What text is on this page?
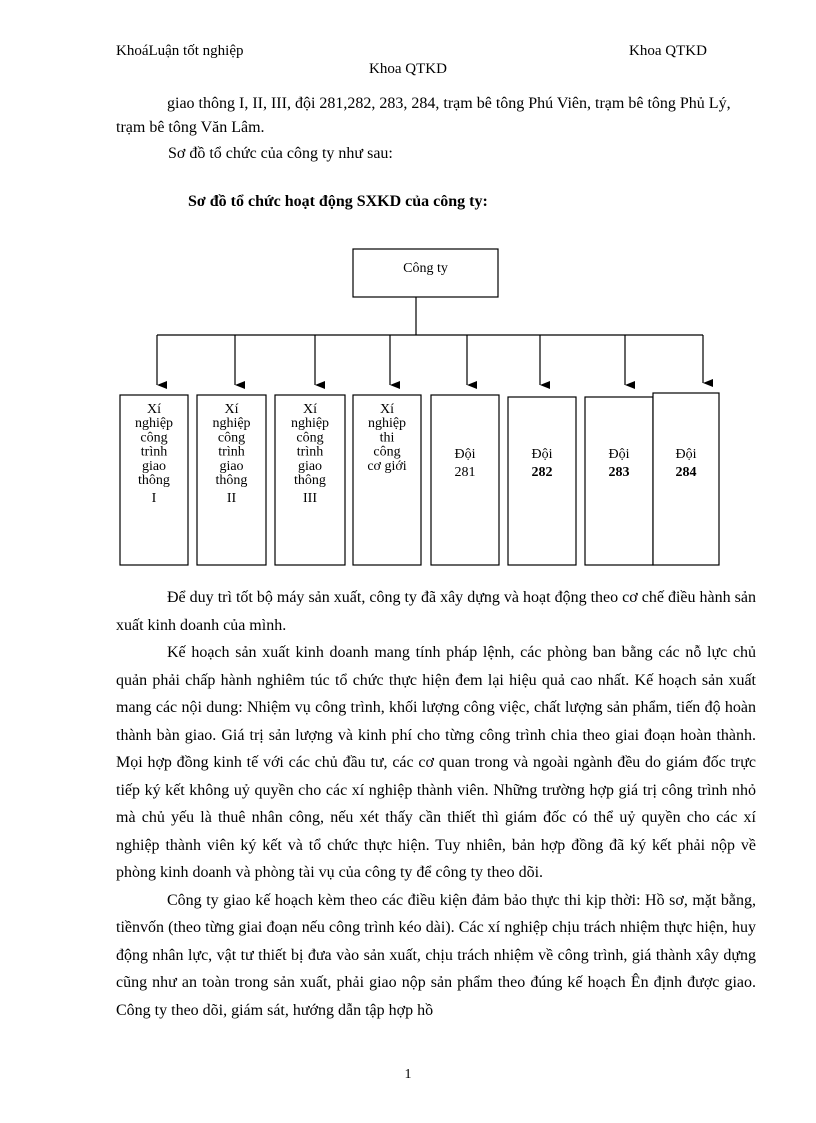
KhoáLuận tốt nghiệp	Khoa QTKD
Khoa QTKD

giao thông I, II, III, đội 281,282, 283, 284, trạm bê tông Phú Viên, trạm bê tông Phủ Lý, trạm bê tông Văn Lâm.

Sơ đồ tổ chức của công ty như sau:
Sơ đồ tổ chức hoạt động SXKD của công ty:
Công ty
Xí
nghiệp
công
trình
giao
thông
I
Xí
nghiệp
công
trình
giao
thông
II
Xí
nghiệp
công
trình
giao
thông
III
Xí
nghiệp
thi
công
cơ giới
Đội
281
Đội
282
Đội
283
Đội
284

Để duy trì tốt bộ máy sản xuất, công ty đã xây dựng và hoạt động theo cơ chế điều hành sản xuất kinh doanh của mình.

Kế hoạch sản xuất kinh doanh mang tính pháp lệnh, các phòng ban bằng các nỗ lực chủ quản phải chấp hành nghiêm túc tổ chức thực hiện đem lại hiệu quả cao nhất. Kế hoạch sản xuất mang các nội dung: Nhiệm vụ công trình, khối lượng công việc, chất lượng sản phẩm, tiến độ hoàn thành bàn giao. Giá trị sản lượng và kinh phí cho từng công trình chia theo giai đoạn hoàn thành. Mọi hợp đồng kinh tế với các chủ đầu tư, các cơ quan trong và ngoài ngành đều do giám đốc trực tiếp ký kết không uỷ quyền cho các xí nghiệp thành viên. Những trường hợp giá trị công trình nhỏ mà chủ yếu là thuê nhân công, nếu xét thấy cần thiết thì giám đốc có thể uỷ quyền cho các xí nghiệp thành viên ký kết và tổ chức thực hiện. Tuy nhiên, bản hợp đồng đã ký kết phải nộp về phòng kinh doanh và phòng tài vụ của công ty để công ty theo dõi.

Công ty giao kế hoạch kèm theo các điều kiện đảm bảo thực thi kịp thời: Hồ sơ, mặt bằng, tiềnvốn (theo từng giai đoạn nếu công trình kéo dài). Các xí nghiệp chịu trách nhiệm thực hiện, huy động nhân lực, vật tư thiết bị đưa vào sản xuất, chịu trách nhiệm về công trình, giá thành xây dựng cũng như an toàn trong sản xuất, phải giao nộp sản phẩm theo đúng kế hoạch Ên định được giao. Công ty theo dõi, giám sát, hướng dẫn tập hợp hồ

1
